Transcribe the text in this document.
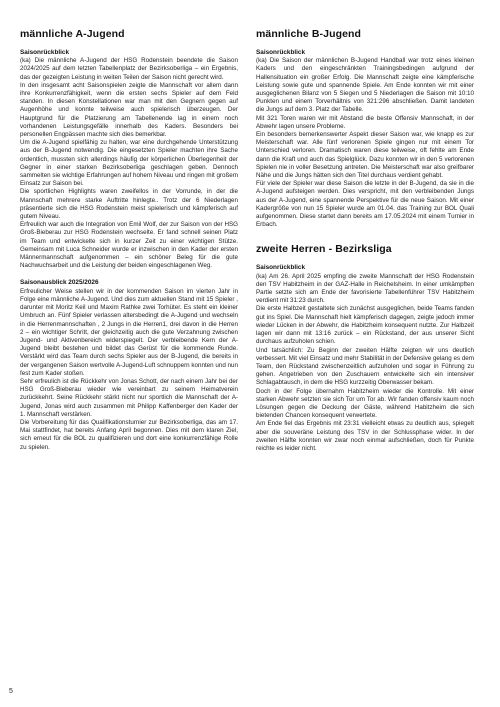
männliche A-Jugend
Saisonrückblick

(ka) Die männliche A-Jugend der HSG Rodenstein beendete die Saison 2024/2025 auf dem letzten Tabellenplatz der Bezirksoberliga – ein Ergebnis, das der gezeigten Leistung in weiten Teilen der Saison nicht gerecht wird.

In den insgesamt acht Saisonspielen zeigte die Mannschaft vor allem dann ihre Konkurrenzfähigkeit, wenn die ersten sechs Spieler auf dem Feld standen. In diesen Konstellationen war man mit den Gegnern gegen auf Augenhöhe und konnte teilweise auch spielerisch überzeugen. Der Hauptgrund für die Platzierung am Tabellenende lag in einem noch vorhandenen Leistungsgefälle innerhalb des Kaders. Besonders bei personellen Engpässen machte sich dies bemerkbar.

Um die A-Jugend spielfähig zu halten, war eine durchgehende Unterstützung aus der B-Jugend notwendig. Die eingesetzten Spieler machten ihre Sache ordentlich, mussten sich allerdings häufig der körperlichen Überlegenheit der Gegner in einer starken Bezirksoberliga geschlagen geben. Dennoch sammelten sie wichtige Erfahrungen auf hohem Niveau und ringen mit großem Einsatz zur Saison bei.

Die sportlichen Highlights waren zweifellos in der Vorrunde, in der die Mannschaft mehrere starke Auftritte hinlegte.. Trotz der 6 Niederlagen präsentierte sich die HSG Rodenstein meist spielerisch und kämpferisch auf gutem Niveau.

Erfreulich war auch die Integration von Emil Wolf, der zur Saison von der HSG Groß-Bieberau zur HSG Rodenstein wechselte. Er fand schnell seinen Platz im Team und entwickelte sich in kurzer Zeit zu einer wichtigen Stütze. Gemeinsam mit Luca Schneider wurde er inzwischen in den Kader der ersten Männermannschaft aufgenommen – ein schöner Beleg für die gute Nachwuchsarbeit und die Leistung der beiden eingeschlagenen Weg.

Saisonausblick 2025/2026

Erfreulicher Weise stellen wir in der kommenden Saison im vierten Jahr in Folge eine männliche A-Jugend. Und dies zum aktuellen Stand mit 15 Spieler , darunter mit Moritz Keil und Maxim Rathke zwei Torhüter. Es steht ein kleiner Umbruch an. Fünf Spieler verlassen altersbedingt die A-Jugend und wechseln in die Herrenmannschaften , 2 Jungs in die Herren1, drei davon in die Herren 2 – ein wichtiger Schritt, der gleichzeitig auch die gute Verzahnung zwischen Jugend- und Aktivenbereich widerspiegelt. Der verbleibende Kern der A-Jugend bleibt bestehen und bildet das Gerüst für die kommende Runde. Verstärkt wird das Team durch sechs Spieler aus der B-Jugend, die bereits in der vergangenen Saison wertvolle A-Jugend-Luft schnuppern konnten und nun fest zum Kader stoßen.

Sehr erfreulich ist die Rückkehr von Jonas Schott, der nach einem Jahr bei der HSG Groß-Bieberau wieder wie vereinbart zu seinem Heimatverein zurückkehrt. Seine Rückkehr stärkt nicht nur sportlich die Mannschaft der A-Jugend, Jonas wird auch zusammen mit Philipp Kaffenberger den Kader der 1. Mannschaft verstärken.

Die Vorbereitung für das Qualifikationsturnier zur Bezirksoberliga, das am 17. Mai stattfindet, hat bereits Anfang April begonnen. Dies mit dem klaren Ziel, sich erneut für die BOL zu qualifizieren und dort eine konkurrenzfähige Rolle zu spielen.

männliche B-Jugend
Saisonrückblick

(ka) Die Saison der männlichen B-Jugend Handball war trotz eines kleinen Kaders und den eingeschränkten Trainingsbedingen aufgrund der Hallensituation ein großer Erfolg. Die Mannschaft zeigte eine kämpferische Leistung sowie gute und spannende Spiele. Am Ende konnten wir mit einer ausgeglichenen Bilanz von 5 Siegen und 5 Niederlagen die Saison mit 10:10 Punkten und einem Torverhältnis von 321:296 abschließen. Damit landeten die Jungs auf dem 3. Platz der Tabelle.

Mit 321 Toren waren wir mit Abstand die beste Offensiv Mannschaft, in der Abwehr lagen unsere Probleme.

Ein besonders bemerkenswerter Aspekt dieser Saison war, wie knapp es zur Meisterschaft war. Alle fünf verlorenen Spiele gingen nur mit einem Tor Unterschied verloren. Dramatisch waren diese teilweise, oft fehlte am Ende dann die Kraft und auch das Spielglück. Dazu konnten wir in den 5 verlorenen Spielen nie in voller Besetzung antreten. Die Meisterschaft war also greifbarer Nähe und die Jungs hätten sich den Titel durchaus verdient gehabt.

Für viele der Spieler war diese Saison die letzte in der B-Jugend, da sie in die A-Jugend aufsteigen werden. Dies verspricht, mit den verbleibenden Jungs aus der A-Jugend, eine spannende Perspektive für die neue Saison. Mit einer Kadergröße von nun 15 Spieler wurde am 01.04. das Training zur BOL Quali aufgenommen. Diese startet dann bereits am 17.05.2024 mit einem Turnier in Erbach.

zweite Herren - Bezirksliga
Saisonrückblick

(ka) Am 26. April 2025 empfing die zweite Mannschaft der HSG Rodenstein den TSV Habitzheim in der GAZ-Halle in Reichelsheim. In einer umkämpften Partie setzte sich am Ende der favorisierte Tabellenführer TSV Habitzheim verdient mit 31:23 durch.

Die erste Halbzeit gestaltete sich zunächst ausgeglichen, beide Teams fanden gut ins Spiel. Die Mannschaft hielt kämpferisch dagegen, zeigte jedoch immer wieder Lücken in der Abwehr, die Habitzheim konsequent nutzte. Zur Halbzeit lagen wir dann mit 13:16 zurück – ein Rückstand, der aus unserer Sicht durchaus aufzuholen schien.

Und tatsächlich: Zu Beginn der zweiten Hälfte zeigten wir uns deutlich verbessert. Mit viel Einsatz und mehr Stabilität in der Defensive gelang es dem Team, den Rückstand zwischenzeitlich aufzuholen und sogar in Führung zu gehen. Angetrieben von den Zuschauern entwickelte sich ein intensiver Schlagabtausch, in dem die HSG kurzzeitig Oberwasser bekam.

Doch in der Folge übernahm Habitzheim wieder die Kontrolle. Mit einer starken Abwehr setzten sie sich Tor um Tor ab. Wir fanden offensiv kaum noch Lösungen gegen die Deckung der Gäste, während Habitzheim die sich bietenden Chancen konsequent verwertete.

Am Ende fiel das Ergebnis mit 23:31 vielleicht etwas zu deutlich aus, spiegelt aber die souveräne Leistung des TSV in der Schlussphase wider. In der zweiten Hälfte konnten wir zwar noch einmal aufschließen, doch für Punkte reichte es leider nicht.

5
